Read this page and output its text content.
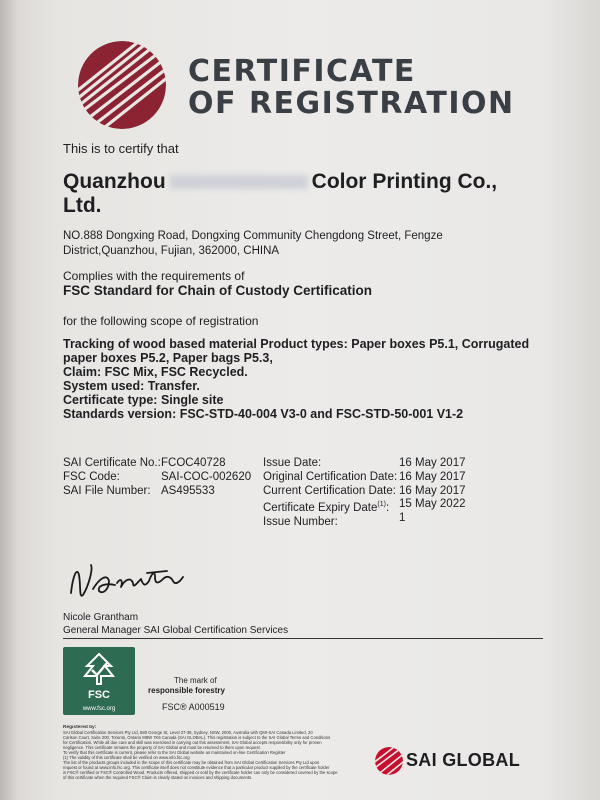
CERTIFICATE
OF REGISTRATION
This is to certify that
Quanzhou	Color Printing Co.,
Ltd.
NO.888 Dongxing Road, Dongxing Community Chengdong Street, Fengze District,Quanzhou, Fujian, 362000, CHINA
Complies with the requirements of
FSC Standard for Chain of Custody Certification
for the following scope of registration
Tracking of wood based material Product types: Paper boxes P5.1, Corrugated paper boxes P5.2, Paper bags P5.3,
Claim: FSC Mix, FSC Recycled.
System used: Transfer.
Certificate type: Single site
Standards version: FSC-STD-40-004 V3-0 and FSC-STD-50-001 V1-2
SAI Certificate No.:
FSC Code:
SAI File Number:
FCOC40728
SAI-COC-002620
AS495533
Issue Date:
Original Certification Date:
Current Certification Date:
Certificate Expiry Date$^{(1)}$:
Issue Number:
16 May 2017
16 May 2017
16 May 2017
15 May 2022
1
Nicole Grantham
General Manager SAI Global Certification Services
FSC
www.fsc.org
The mark of
responsible forestry
FSC® A000519
Registered by:
SAI Global Certification Services Pty Ltd, 680 George St, Level 37-38, Sydney, NSW, 2000, Australia with QMI-SAI Canada Limited, 20
Carlson Court, Suite 200, Toronto, Ontario M9W 7K6 Canada (SAI GLOBAL). This registration is subject to the SAI Global Terms and Conditions
for Certification. While all due care and skill was exercised in carrying out this assessment, SAI Global accepts responsibility only for proven
negligence. This certificate remains the property of SAI Global and must be returned to them upon request.
To verify that this certificate is current, please refer to the SAI Global website as maintained on-line Certification Register
(1) The validity of this certificate shall be verified on www.info.fsc.org
The list of the products groups included in the scope of this certificate may be obtained from SAI Global Certification Services Pty Ltd upon
request or found at www.info.fsc.org. This certificate itself does not constitute evidence that a particular product supplied by the certificate holder
is FSC® certified or FSC® Controlled Wood. Products offered, shipped or sold by the certificate holder can only be considered covered by the scope
of this certificate when the required FSC® Claim is clearly stated on invoices and shipping documents.
SAI GLOBAL
